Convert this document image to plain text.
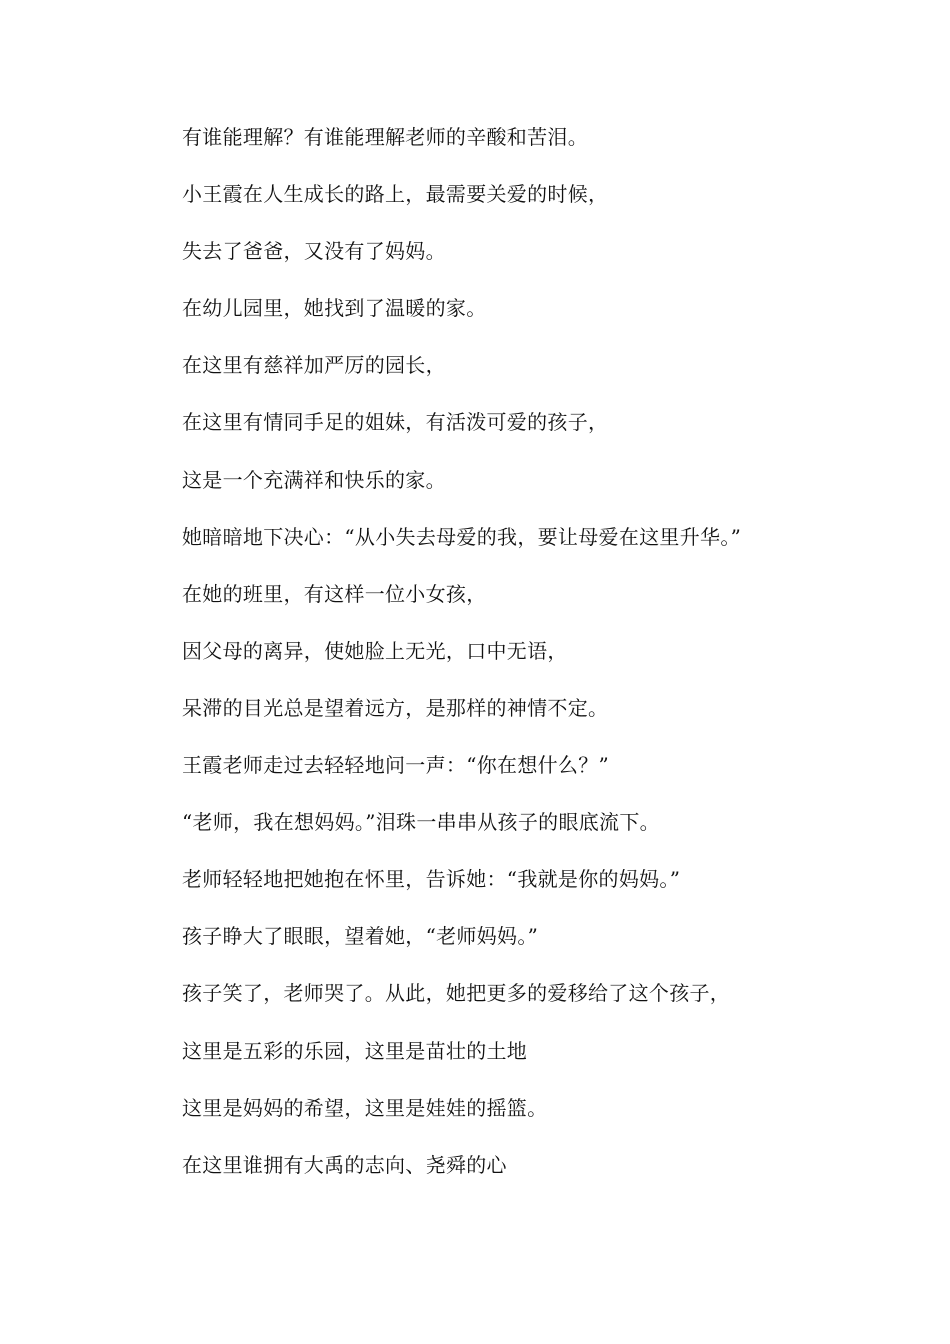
有谁能理解？有谁能理解老师的辛酸和苦泪。
小王霞在人生成长的路上，最需要关爱的时候，
失去了爸爸，又没有了妈妈。
在幼儿园里，她找到了温暖的家。
在这里有慈祥加严厉的园长，
在这里有情同手足的姐妹，有活泼可爱的孩子，
这是一个充满祥和快乐的家。
她暗暗地下决心：“从小失去母爱的我，要让母爱在这里升华。”
在她的班里，有这样一位小女孩，
因父母的离异，使她脸上无光，口中无语，
呆滞的目光总是望着远方，是那样的神情不定。
王霞老师走过去轻轻地问一声：“你在想什么？”
“老师，我在想妈妈。”泪珠一串串从孩子的眼底流下。
老师轻轻地把她抱在怀里，告诉她：“我就是你的妈妈。”
孩子睁大了眼眼，望着她，“老师妈妈。”
孩子笑了，老师哭了。从此，她把更多的爱移给了这个孩子，
这里是五彩的乐园，这里是苗壮的土地
这里是妈妈的希望，这里是娃娃的摇篮。
在这里谁拥有大禹的志向、尧舜的心
